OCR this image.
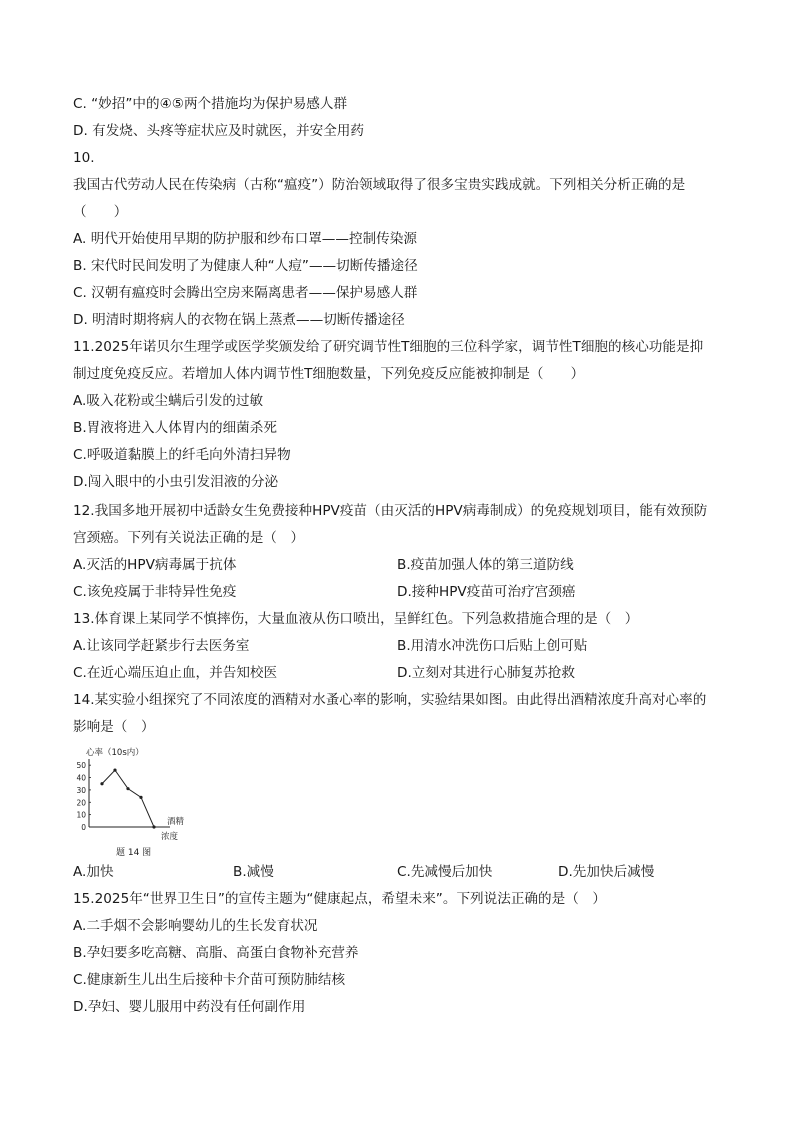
C. “妙招”中的④⑤两个措施均为保护易感人群
D. 有发烧、头疼等症状应及时就医，并安全用药
10.
我国古代劳动人民在传染病（古称“瘟疫”）防治领域取得了很多宝贵实践成就。下列相关分析正确的是
（　　）
A. 明代开始使用早期的防护服和纱布口罩——控制传染源
B. 宋代时民间发明了为健康人种“人痘”——切断传播途径
C. 汉朝有瘟疫时会腾出空房来隔离患者——保护易感人群
D. 明清时期将病人的衣物在锅上蒸煮——切断传播途径
11.2025年诺贝尔生理学或医学奖颁发给了研究调节性T细胞的三位科学家，调节性T细胞的核心功能是抑
制过度免疫反应。若增加人体内调节性T细胞数量，下列免疫反应能被抑制是（　　）
A.吸入花粉或尘螨后引发的过敏
B.胃液将进入人体胃内的细菌杀死
C.呼吸道黏膜上的纤毛向外清扫异物
D.闯入眼中的小虫引发泪液的分泌
12.我国多地开展初中适龄女生免费接种HPV疫苗（由灭活的HPV病毒制成）的免疫规划项目，能有效预防
宫颈癌。下列有关说法正确的是（　）
A.灭活的HPV病毒属于抗体	B.疫苗加强人体的第三道防线
C.该免疫属于非特异性免疫	D.接种HPV疫苗可治疗宫颈癌
13.体育课上某同学不慎摔伤，大量血液从伤口喷出，呈鲜红色。下列急救措施合理的是（　）
A.让该同学赶紧步行去医务室	B.用清水冲洗伤口后贴上创可贴
C.在近心端压迫止血，并告知校医	D.立刻对其进行心肺复苏抢救
14.某实验小组探究了不同浓度的酒精对水蚤心率的影响，实验结果如图。由此得出酒精浓度升高对心率的
影响是（　）
心率（10s内）
50
40
30
20
10
0
酒精
浓度
题 14 图
A.加快	B.减慢	C.先减慢后加快	D.先加快后减慢
15.2025年“世界卫生日”的宣传主题为“健康起点，希望未来”。下列说法正确的是（　）
A.二手烟不会影响婴幼儿的生长发育状况
B.孕妇要多吃高糖、高脂、高蛋白食物补充营养
C.健康新生儿出生后接种卡介苗可预防肺结核
D.孕妇、婴儿服用中药没有任何副作用
